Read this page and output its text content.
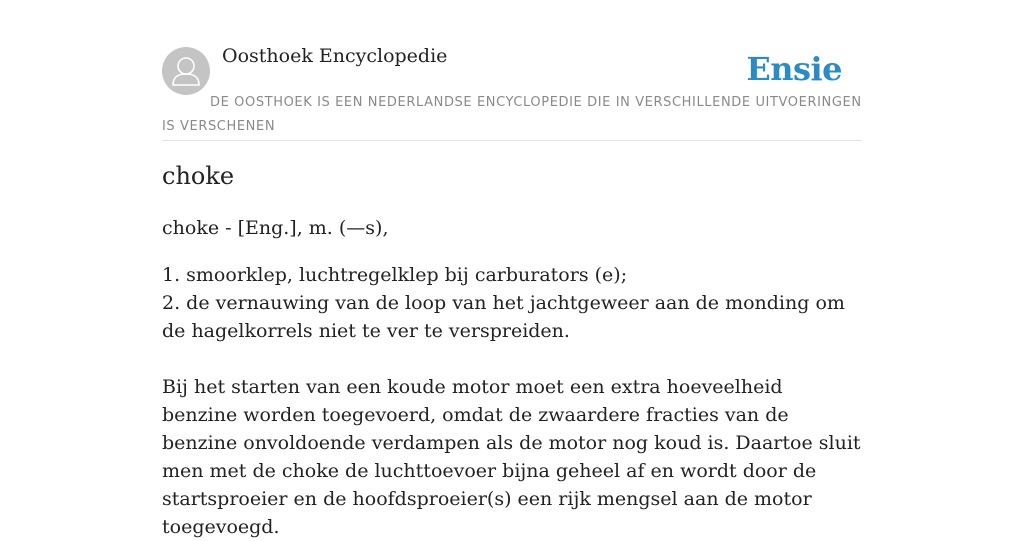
Oosthoek Encyclopedie	Ensie
DE OOSTHOEK IS EEN NEDERLANDSE ENCYCLOPEDIE DIE IN VERSCHILLENDE UITVOERINGEN IS VERSCHENEN
choke

choke - [Eng.], m. (—s),

1. smoorklep, luchtregelklep bij carburators (e);

2. de vernauwing van de loop van het jachtgeweer aan de monding om de hagelkorrels niet te ver te verspreiden.

Bij het starten van een koude motor moet een extra hoeveelheid benzine worden toegevoerd, omdat de zwaardere fracties van de benzine onvoldoende verdampen als de motor nog koud is. Daartoe sluit men met de choke de luchttoevoer bijna geheel af en wordt door de startsproeier en de hoofdsproeier(s) een rijk mengsel aan de motor toegevoegd.
